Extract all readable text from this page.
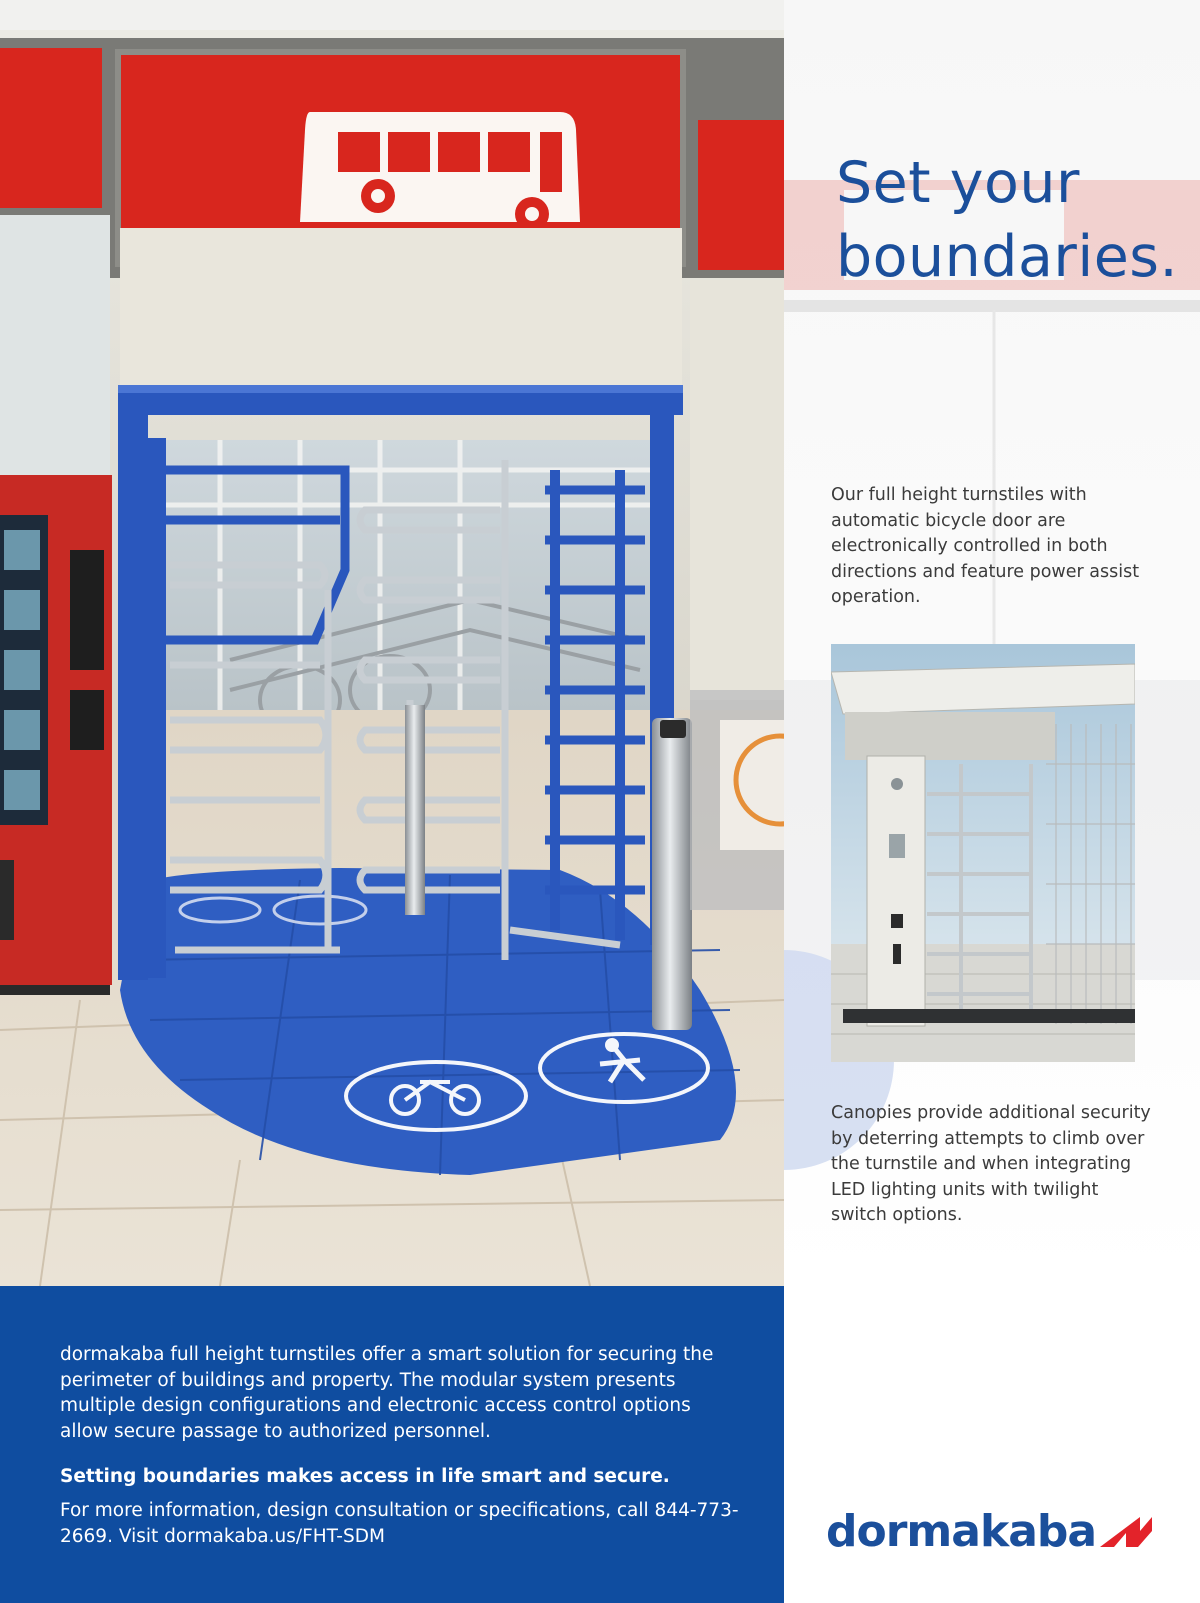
Set your
boundaries.

Our full height turnstiles with automatic bicycle door are electronically controlled in both directions and feature power assist operation.

Canopies provide additional security by deterring attempts to climb over the turnstile and when integrating LED lighting units with twilight switch options.

dormakaba full height turnstiles offer a smart solution for securing the perimeter of buildings and property. The modular system presents multiple design configurations and electronic access control options allow secure passage to authorized personnel.

Setting boundaries makes access in life smart and secure.

For more information, design consultation or specifications, call 844-773-2669. Visit dormakaba.us/FHT-SDM	dormakaba
